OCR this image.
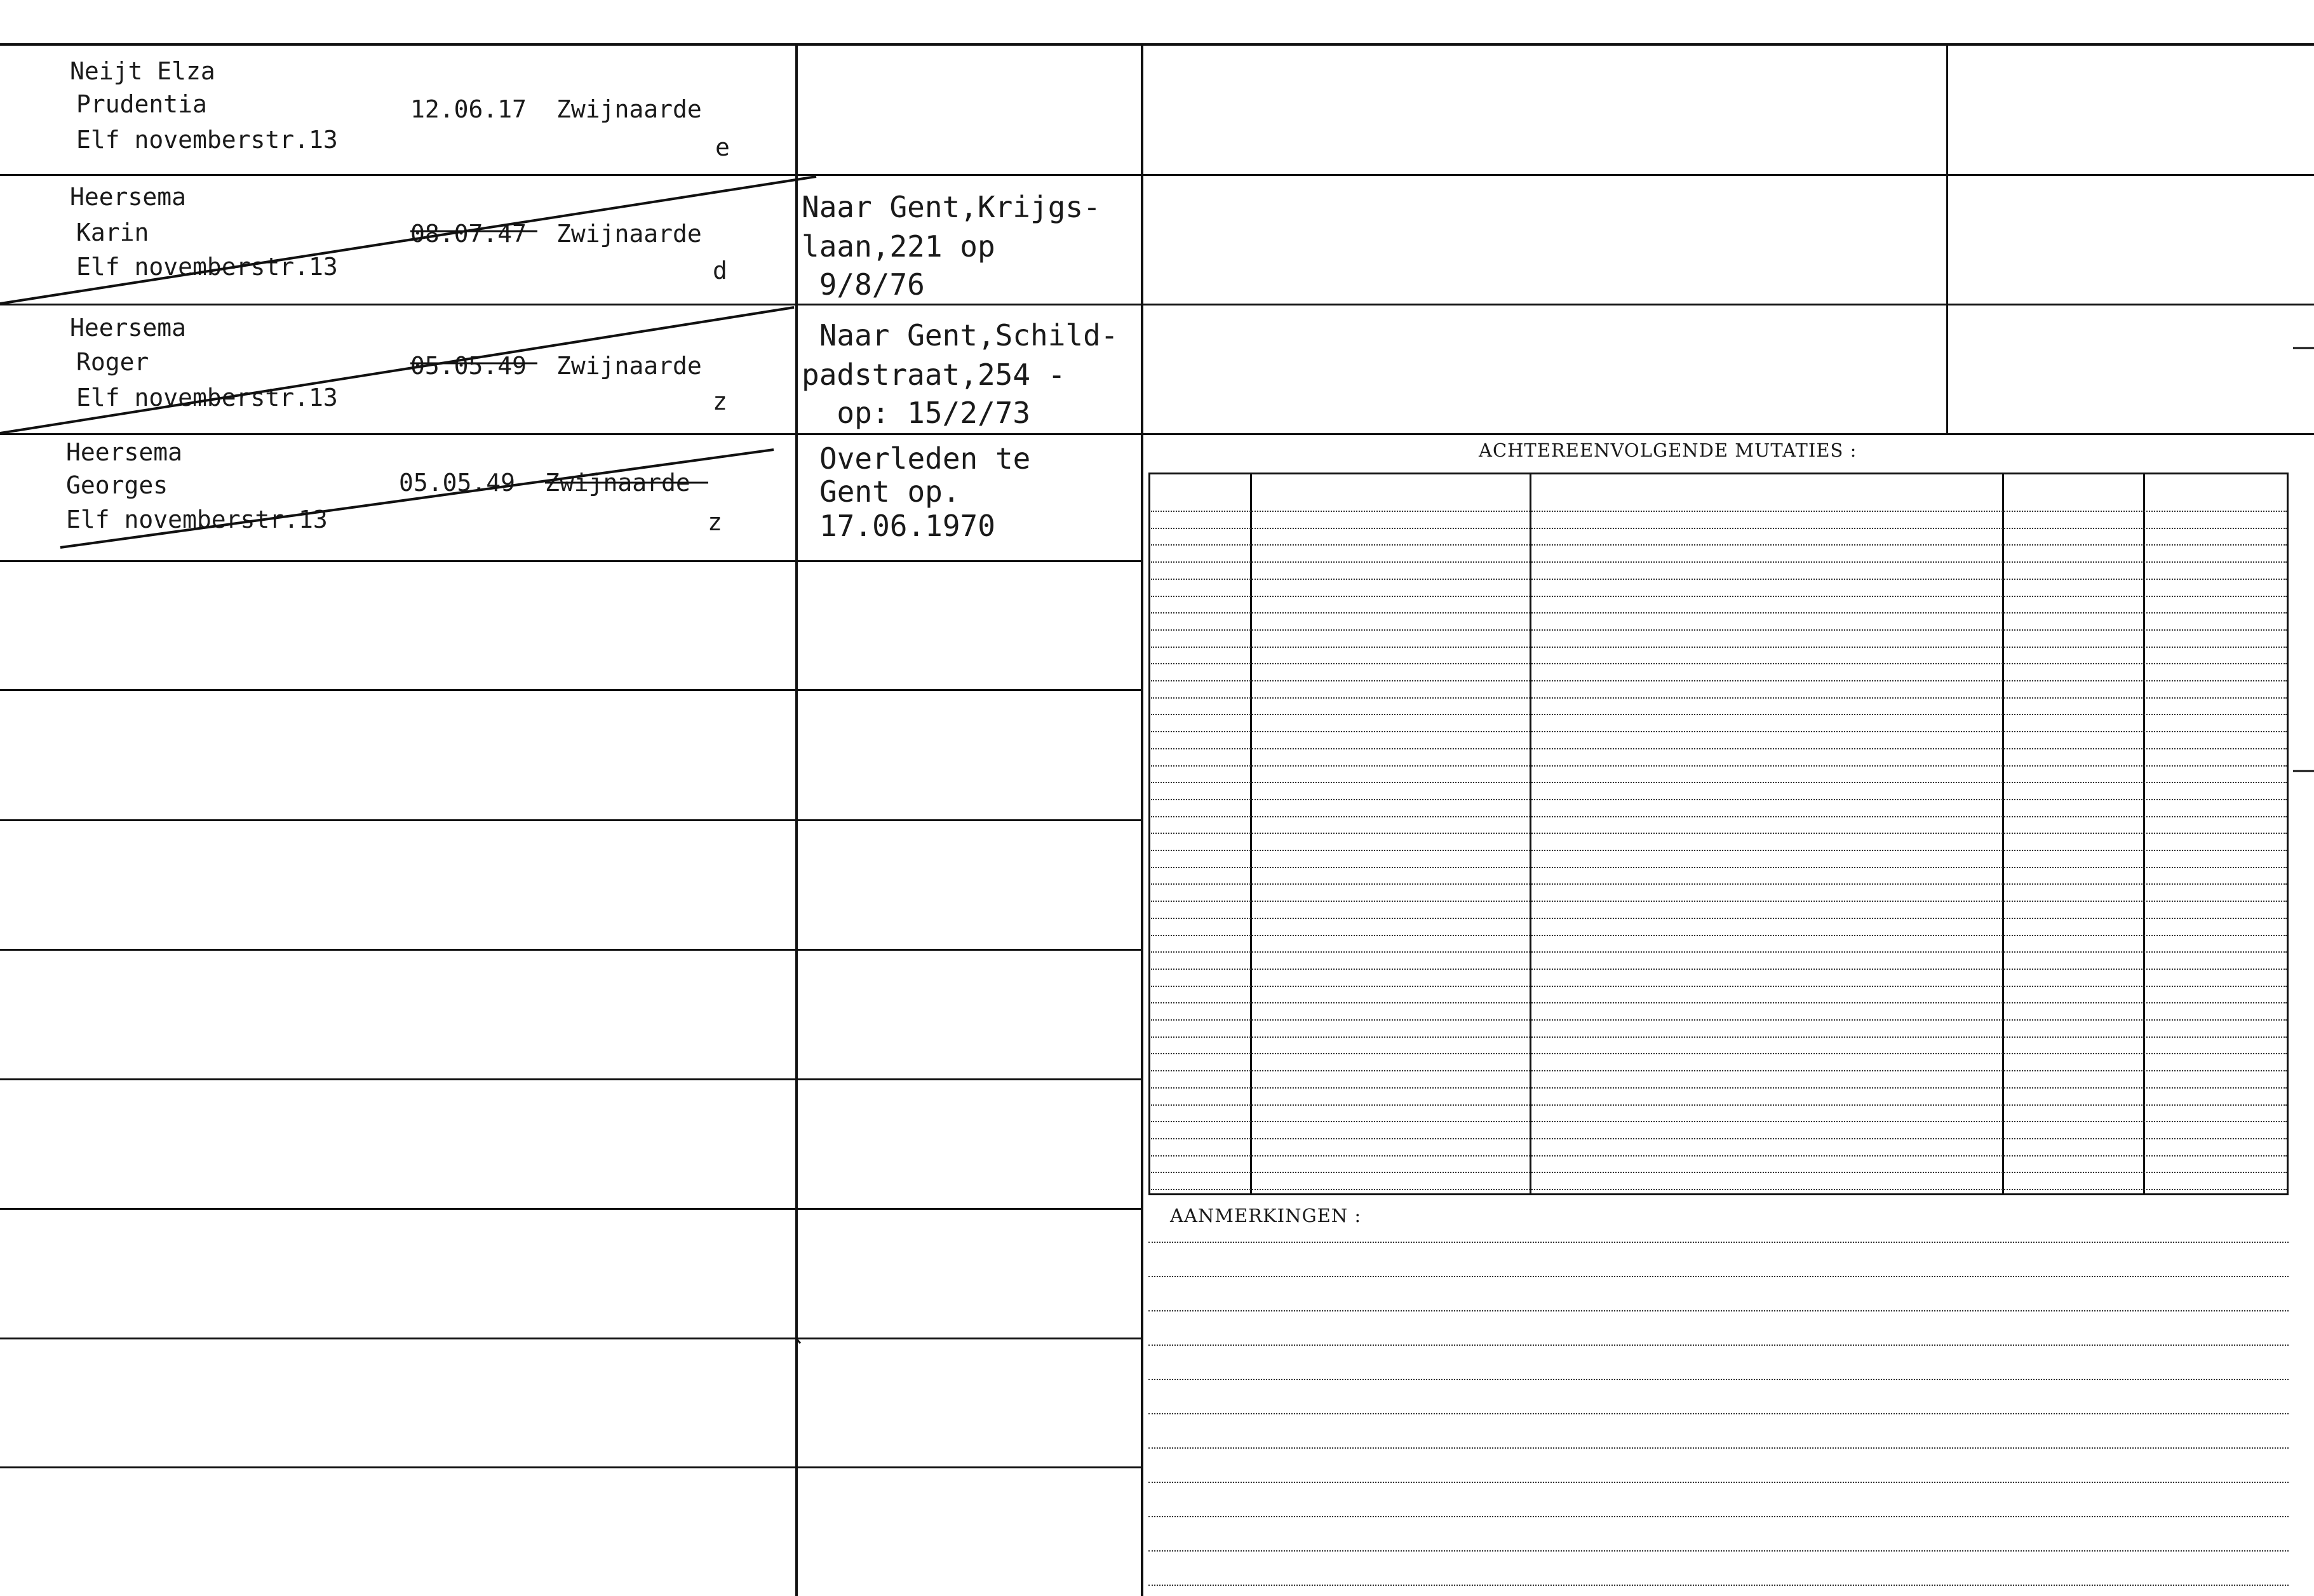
ACHTEREENVOLGENDE MUTATIES :
AANMERKINGEN :
Neijt Elza
Prudentia
Elf novemberstr.13
12.06.17 Zwijnaarde
e
Heersema
Karin
Elf novemberstr.13
08.07.47 Zwijnaarde
d
Naar Gent,Krijgs-
laan,221 op
9/8/76
Heersema
Roger
Elf novemberstr.13
05.05.49 Zwijnaarde
z
Naar Gent,Schild-
padstraat,254 -
op: 15/2/73
Heersema
Georges
Elf novemberstr.13
05.05.49 Zwijnaarde
z
Overleden te
Gent op.
17.06.1970
